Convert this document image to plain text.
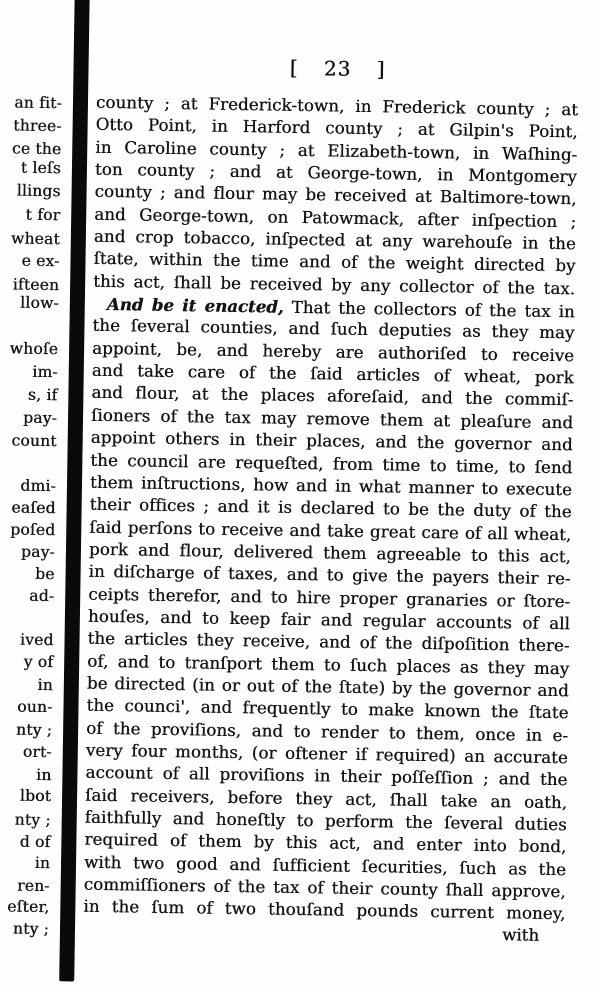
an fit-
three-
ce the
t leſs
llings
t for
wheat
e ex-
ifteen
llow-
whoſe
im-
s, if
pay-
count
dmi-
eaſed
poſed
pay-
be
ad-
ived
y of
in
oun-
nty ;
ort-
in
lbot
nty ;
d of
in
ren-
eſter,
nty ;
[ 23 ]
county ; at Frederick-town, in Frederick county ; at
Otto Point, in Harford county ; at Gilpin's Point,
in Caroline county ; at Elizabeth-town, in Waſhing-
ton county ; and at George-town, in Montgomery
county ; and flour may be received at Baltimore-town,
and George-town, on Patowmack, after inſpection ;
and crop tobacco, inſpected at any warehouſe in the
ſtate, within the time and of the weight directed by
this act, ſhall be received by any collector of the tax.
And be it enacted, That the collectors of the tax in
the ſeveral counties, and ſuch deputies as they may
appoint, be, and hereby are authoriſed to receive
and take care of the ſaid articles of wheat, pork
and flour, at the places aforeſaid, and the commiſ-
ſioners of the tax may remove them at pleaſure and
appoint others in their places, and the governor and
the council are requeſted, from time to time, to ſend
them inſtructions, how and in what manner to execute
their offices ; and it is declared to be the duty of the
ſaid perſons to receive and take great care of all wheat,
pork and flour, delivered them agreeable to this act,
in diſcharge of taxes, and to give the payers their re-
ceipts therefor, and to hire proper granaries or ſtore-
houſes, and to keep fair and regular accounts of all
the articles they receive, and of the diſpoſition there-
of, and to tranſport them to ſuch places as they may
be directed (in or out of the ſtate) by the governor and
the counci', and frequently to make known the ſtate
of the proviſions, and to render to them, once in e-
very four months, (or oftener if required) an accurate
account of all proviſions in their poſſeſſion ; and the
ſaid receivers, before they act, ſhall take an oath,
faithfully and honeſtly to perform the ſeveral duties
required of them by this act, and enter into bond,
with two good and ſufficient ſecurities, ſuch as the
commiſſioners of the tax of their county ſhall approve,
in the ſum of two thouſand pounds current money,
with
